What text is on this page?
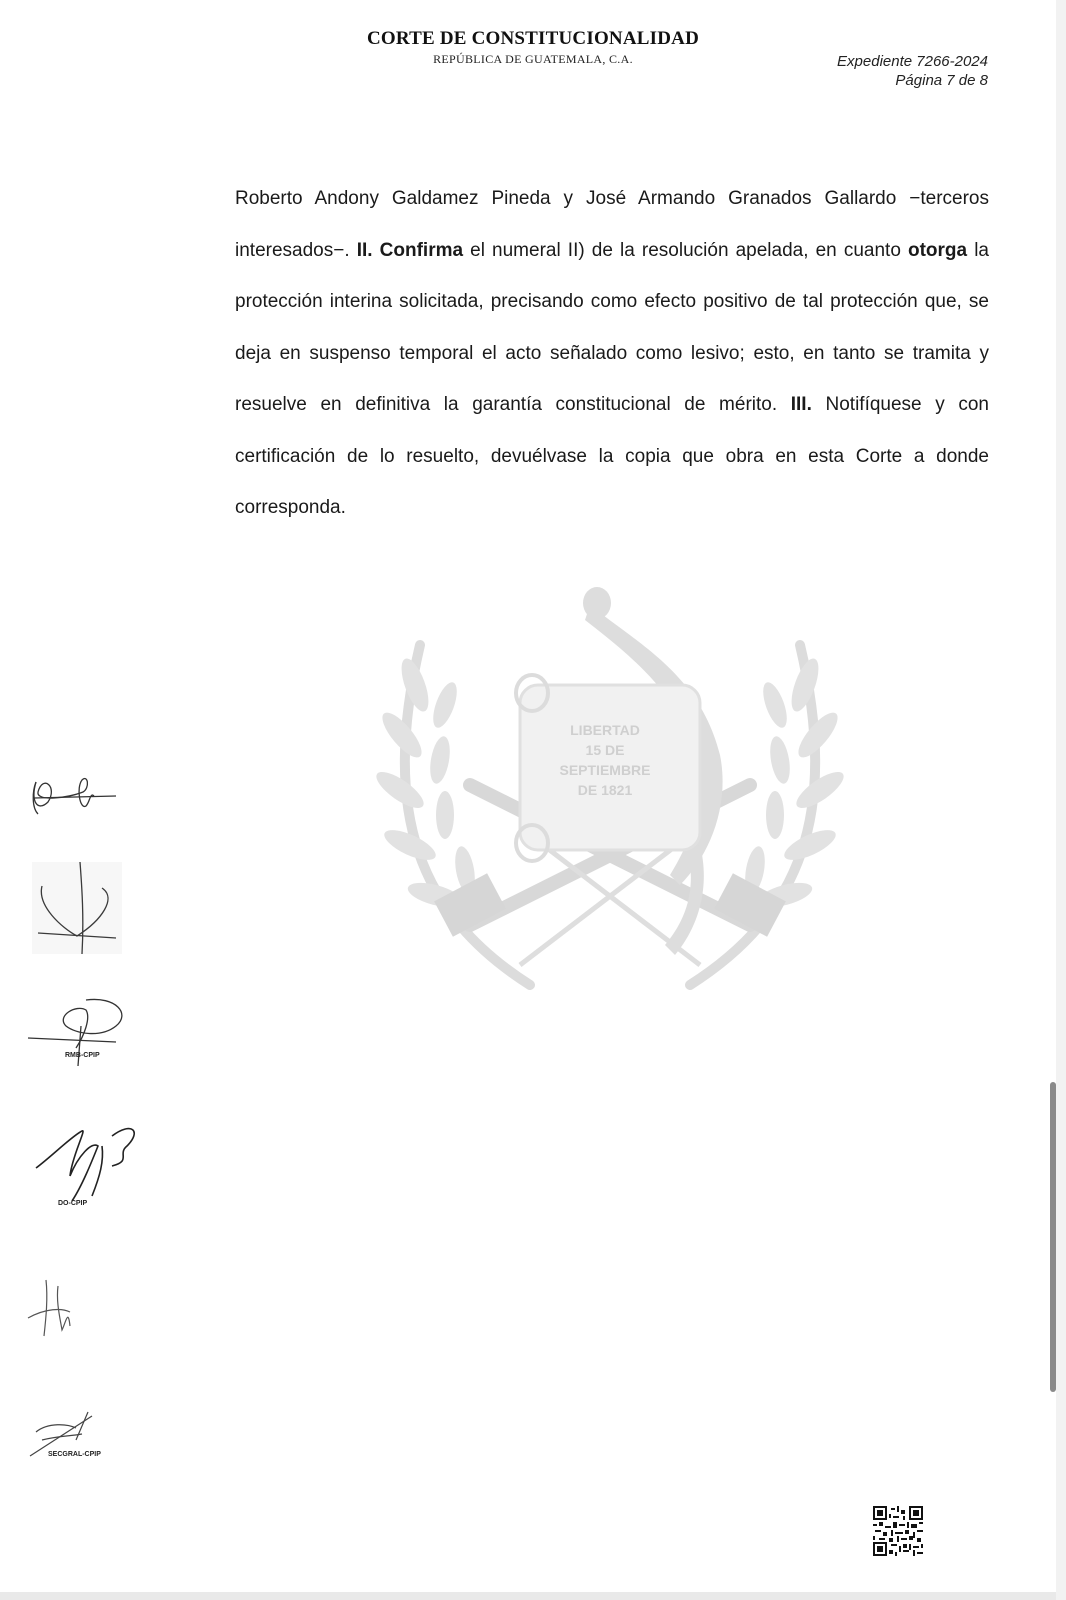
CORTE DE CONSTITUCIONALIDAD
REPÚBLICA DE GUATEMALA, C.A.	Expediente 7266-2024
Página 7 de 8
LIBERTAD
15 DE
SEPTIEMBRE
DE 1821
Roberto Andony Galdamez Pineda y José Armando Granados Gallardo −terceros interesados−. II. Confirma el numeral II) de la resolución apelada, en cuanto otorga la protección interina solicitada, precisando como efecto positivo de tal protección que, se deja en suspenso temporal el acto señalado como lesivo; esto, en tanto se tramita y resuelve en definitiva la garantía constitucional de mérito. III. Notifíquese y con certificación de lo resuelto, devuélvase la copia que obra en esta Corte a donde corresponda.
RMB-CPIP
DO-CPIP
SECGRAL-CPIP
